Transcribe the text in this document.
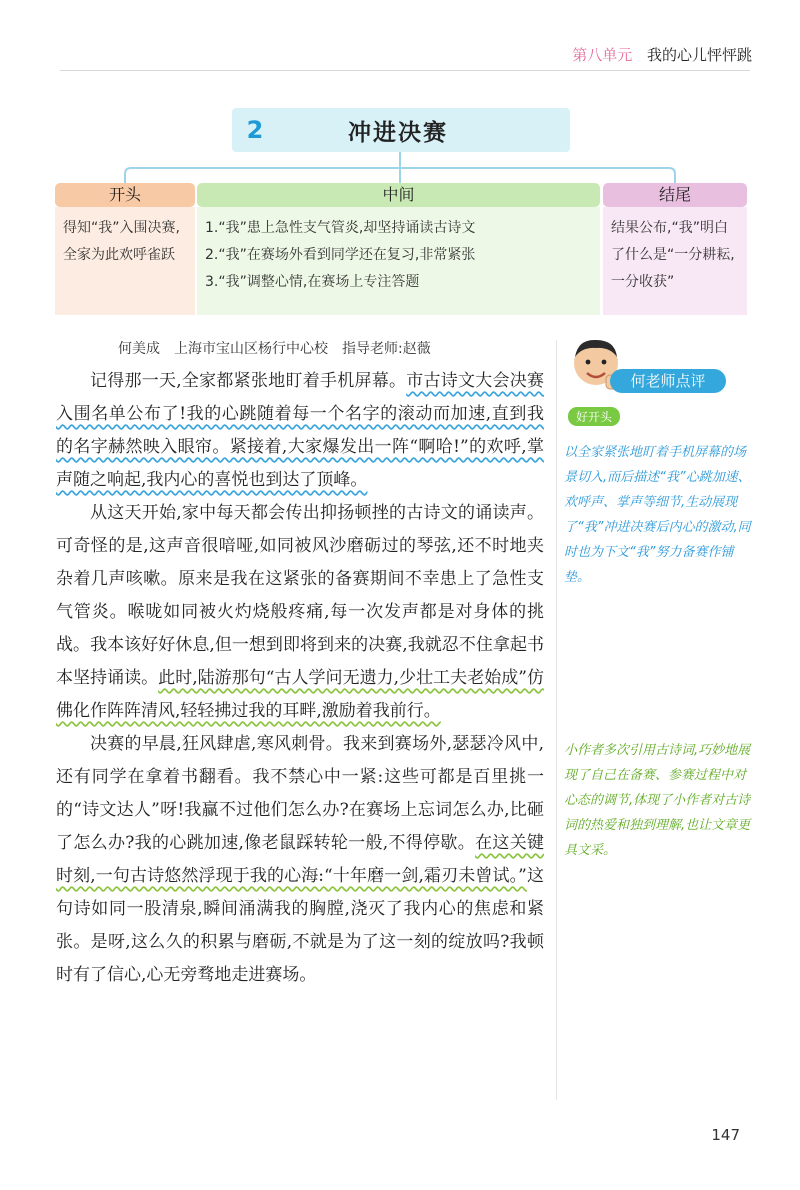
第八单元 我的心儿怦怦跳
2	冲进决赛
开头
得知“我”入围决赛,全家为此欢呼雀跃
中间
1.“我”患上急性支气管炎,却坚持诵读古诗文
2.“我”在赛场外看到同学还在复习,非常紧张
3.“我”调整心情,在赛场上专注答题
结尾
结果公布,“我”明白了什么是“一分耕耘,一分收获”
何美成　上海市宝山区杨行中心校　指导老师:赵薇

记得那一天,全家都紧张地盯着手机屏幕。市古诗文大会决赛入围名单公布了!我的心跳随着每一个名字的滚动而加速,直到我的名字赫然映入眼帘。紧接着,大家爆发出一阵“啊哈!”的欢呼,掌声随之响起,我内心的喜悦也到达了顶峰。

从这天开始,家中每天都会传出抑扬顿挫的古诗文的诵读声。可奇怪的是,这声音很喑哑,如同被风沙磨砺过的琴弦,还不时地夹杂着几声咳嗽。原来是我在这紧张的备赛期间不幸患上了急性支气管炎。喉咙如同被火灼烧般疼痛,每一次发声都是对身体的挑战。我本该好好休息,但一想到即将到来的决赛,我就忍不住拿起书本坚持诵读。此时,陆游那句“古人学问无遗力,少壮工夫老始成”仿佛化作阵阵清风,轻轻拂过我的耳畔,激励着我前行。

决赛的早晨,狂风肆虐,寒风刺骨。我来到赛场外,瑟瑟冷风中,还有同学在拿着书翻看。我不禁心中一紧:这些可都是百里挑一的“诗文达人”呀!我赢不过他们怎么办?在赛场上忘词怎么办,比砸了怎么办?我的心跳加速,像老鼠踩转轮一般,不得停歇。在这关键时刻,一句古诗悠然浮现于我的心海:“十年磨一剑,霜刃未曾试。”这句诗如同一股清泉,瞬间涌满我的胸膛,浇灭了我内心的焦虑和紧张。是呀,这么久的积累与磨砺,不就是为了这一刻的绽放吗?我顿时有了信心,心无旁骛地走进赛场。

何老师点评
好开头
以全家紧张地盯着手机屏幕的场景切入,而后描述“我”心跳加速、欢呼声、掌声等细节,生动展现了“我”冲进决赛后内心的激动,同时也为下文“我”努力备赛作铺垫。
小作者多次引用古诗词,巧妙地展现了自己在备赛、参赛过程中对心态的调节,体现了小作者对古诗词的热爱和独到理解,也让文章更具文采。
147
